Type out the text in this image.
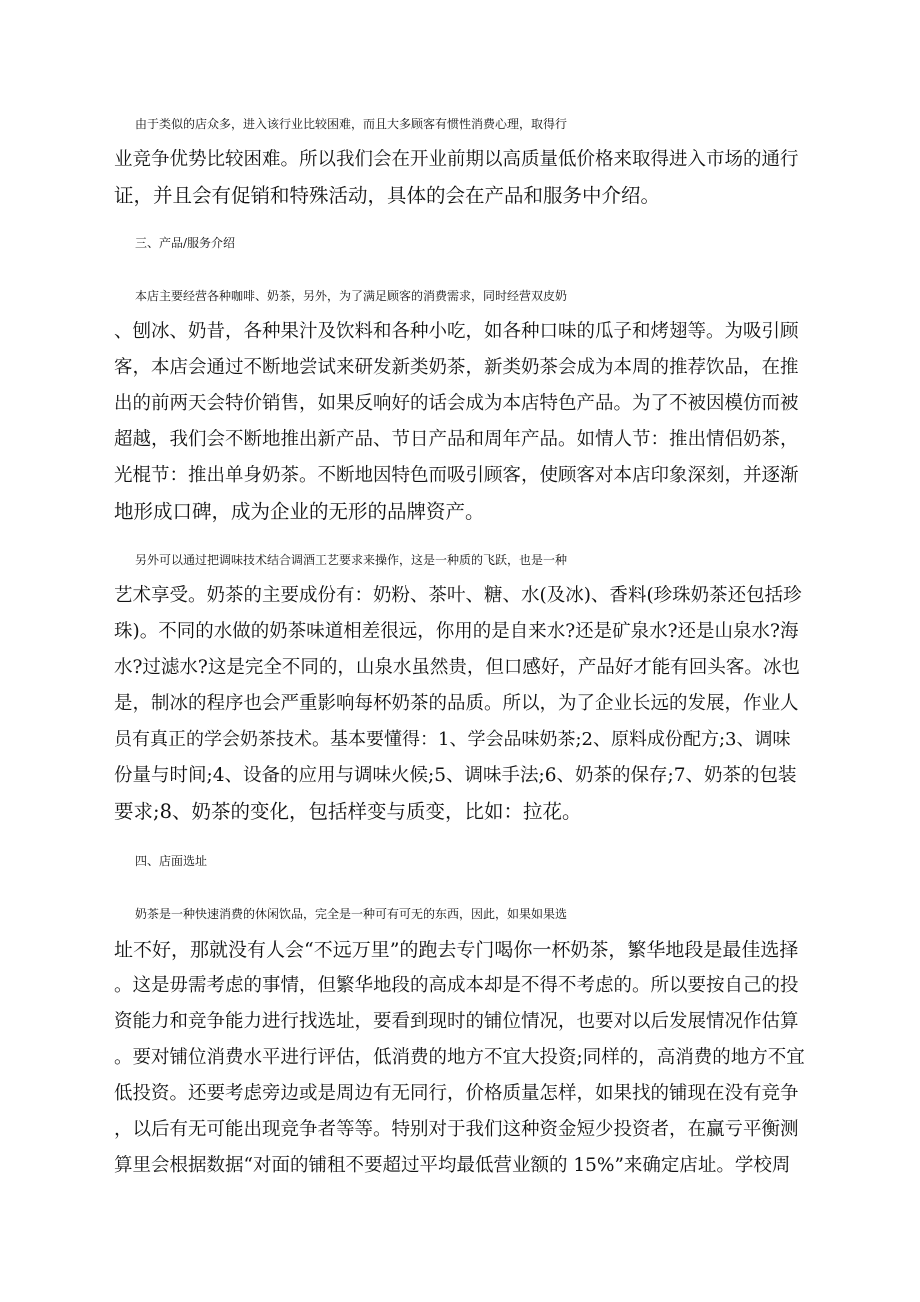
由于类似的店众多，进入该行业比较困难，而且大多顾客有惯性消费心理，取得行
业竞争优势比较困难。所以我们会在开业前期以高质量低价格来取得进入市场的通行
证，并且会有促销和特殊活动，具体的会在产品和服务中介绍。
三、产品/服务介绍
本店主要经营各种咖啡、奶茶，另外，为了满足顾客的消费需求，同时经营双皮奶
、刨冰、奶昔，各种果汁及饮料和各种小吃，如各种口味的瓜子和烤翅等。为吸引顾
客，本店会通过不断地尝试来研发新类奶茶，新类奶茶会成为本周的推荐饮品，在推
出的前两天会特价销售，如果反响好的话会成为本店特色产品。为了不被因模仿而被
超越，我们会不断地推出新产品、节日产品和周年产品。如情人节：推出情侣奶茶，
光棍节：推出单身奶茶。不断地因特色而吸引顾客，使顾客对本店印象深刻，并逐渐
地形成口碑，成为企业的无形的品牌资产。
另外可以通过把调味技术结合调酒工艺要求来操作，这是一种质的飞跃，也是一种
艺术享受。奶茶的主要成份有：奶粉、茶叶、糖、水(及冰)、香料(珍珠奶茶还包括珍
珠)。不同的水做的奶茶味道相差很远，你用的是自来水?还是矿泉水?还是山泉水?海
水?过滤水?这是完全不同的，山泉水虽然贵，但口感好，产品好才能有回头客。冰也
是，制冰的程序也会严重影响每杯奶茶的品质。所以，为了企业长远的发展，作业人
员有真正的学会奶茶技术。基本要懂得：1、学会品味奶茶;2、原料成份配方;3、调味
份量与时间;4、设备的应用与调味火候;5、调味手法;6、奶茶的保存;7、奶茶的包装
要求;8、奶茶的变化，包括样变与质变，比如：拉花。
四、店面选址
奶茶是一种快速消费的休闲饮品，完全是一种可有可无的东西，因此，如果如果选
址不好，那就没有人会“不远万里”的跑去专门喝你一杯奶茶，繁华地段是最佳选择
。这是毋需考虑的事情，但繁华地段的高成本却是不得不考虑的。所以要按自己的投
资能力和竞争能力进行找选址，要看到现时的铺位情况，也要对以后发展情况作估算
。要对铺位消费水平进行评估，低消费的地方不宜大投资;同样的，高消费的地方不宜
低投资。还要考虑旁边或是周边有无同行，价格质量怎样，如果找的铺现在没有竞争
，以后有无可能出现竞争者等等。特别对于我们这种资金短少投资者，在赢亏平衡测
算里会根据数据“对面的铺租不要超过平均最低营业额的 15%”来确定店址。学校周
